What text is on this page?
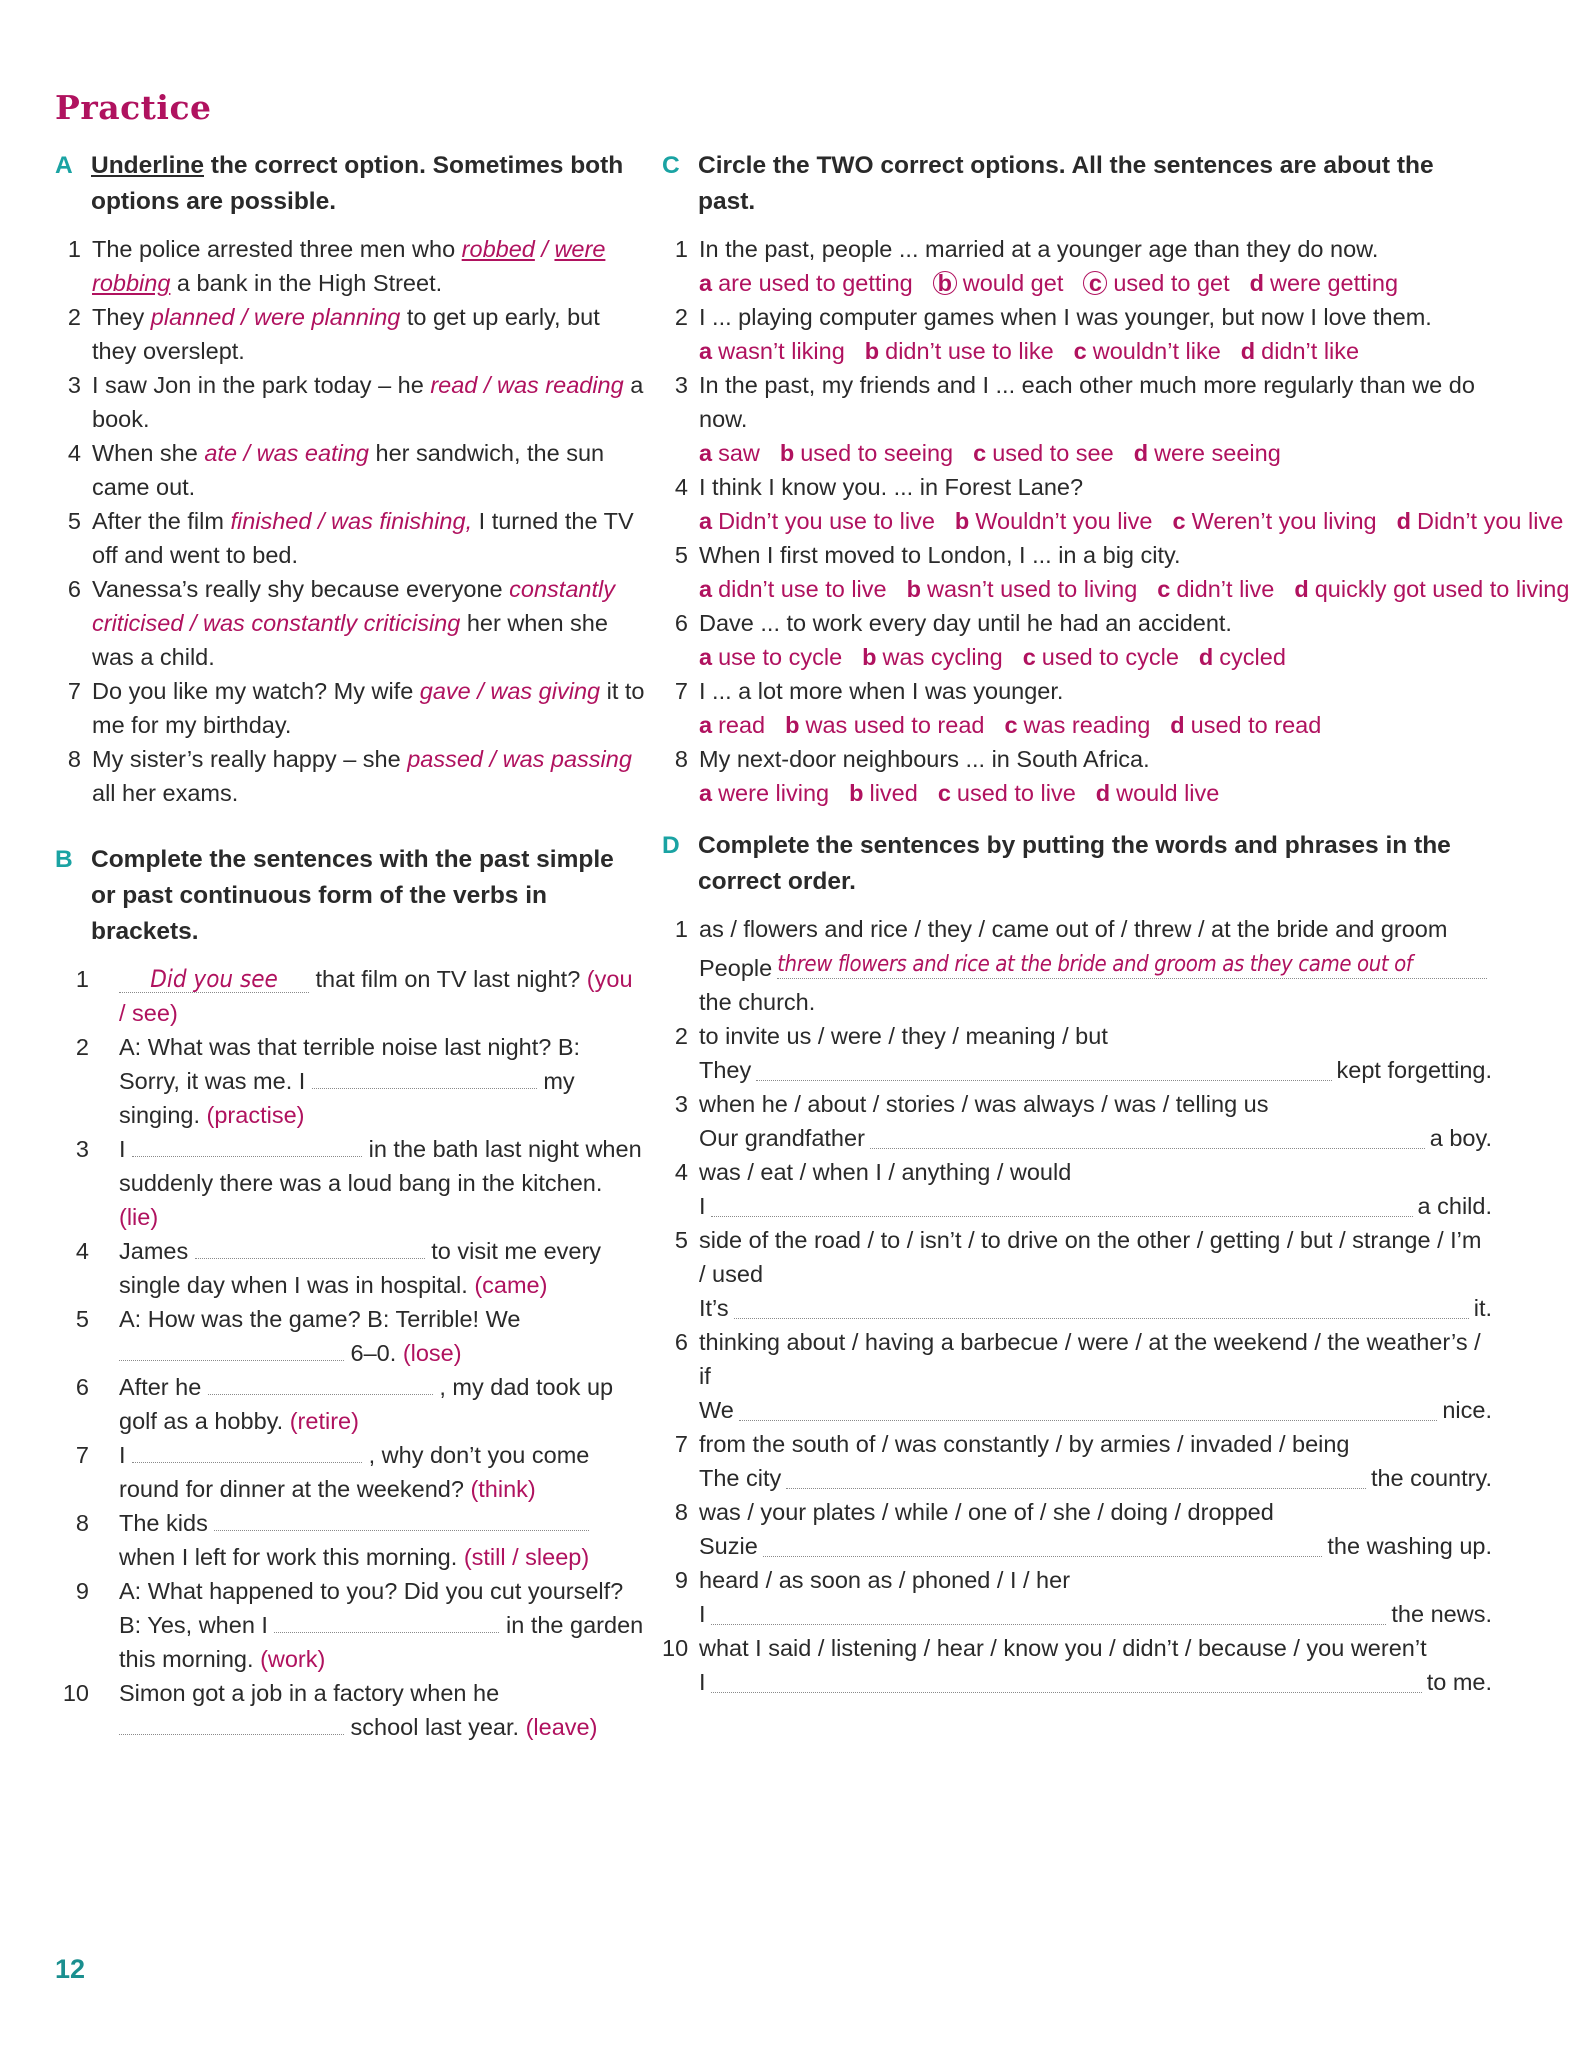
Practice
A Underline the correct option. Sometimes both options are possible.
1 The police arrested three men who robbed / were robbing a bank in the High Street.
2 They planned / were planning to get up early, but they overslept.
3 I saw Jon in the park today – he read / was reading a book.
4 When she ate / was eating her sandwich, the sun came out.
5 After the film finished / was finishing, I turned the TV off and went to bed.
6 Vanessa’s really shy because everyone constantly criticised / was constantly criticising her when she was a child.
7 Do you like my watch? My wife gave / was giving it to me for my birthday.
8 My sister’s really happy – she passed / was passing all her exams.
B Complete the sentences with the past simple or past continuous form of the verbs in brackets.
1	Did you see that film on TV last night? (you / see)
2 A: What was that terrible noise last night? B: Sorry, it was me. I	my singing. (practise)
3 I	in the bath last night when suddenly there was a loud bang in the kitchen. (lie)
4 James	to visit me every single day when I was in hospital. (came)
5 A: How was the game? B: Terrible! We  6–0. (lose)
6 After he	, my dad took up golf as a hobby. (retire)
7 I	, why don’t you come round for dinner at the weekend? (think)
8 The kids  when I left for work this morning. (still / sleep)
9 A: What happened to you? Did you cut yourself? B: Yes, when I	in the garden this morning. (work)
10 Simon got a job in a factory when he  school last year. (leave)
C Circle the TWO correct options. All the sentences are about the past.
1 In the past, people ... married at a younger age than they do now.
a are used to getting b would get c used to get d were getting
2 I ... playing computer games when I was younger, but now I love them.
a wasn’t liking b didn’t use to like c wouldn’t like d didn’t like
3 In the past, my friends and I ... each other much more regularly than we do now.
a saw b used to seeing c used to see d were seeing
4 I think I know you. ... in Forest Lane?
a Didn’t you use to live b Wouldn’t you live c Weren’t you living d Didn’t you live
5 When I first moved to London, I ... in a big city.
a didn’t use to live b wasn’t used to living c didn’t live d quickly got used to living
6 Dave ... to work every day until he had an accident.
a use to cycle b was cycling c used to cycle d cycled
7 I ... a lot more when I was younger.
a read b was used to read c was reading d used to read
8 My next-door neighbours ... in South Africa.
a were living b lived c used to live d would live
D Complete the sentences by putting the words and phrases in the correct order.
1 as / flowers and rice / they / came out of / threw / at the bride and groom
People threw flowers and rice at the bride and groom as they came out of
the church.
2 to invite us / were / they / meaning / but
They	kept forgetting.
3 when he / about / stories / was always / was / telling us
Our grandfather	a boy.
4 was / eat / when I / anything / would
I	a child.
5 side of the road / to / isn’t / to drive on the other / getting / but / strange / I’m / used
It’s	it.
6 thinking about / having a barbecue / were / at the weekend / the weather’s / if
We	nice.
7 from the south of / was constantly / by armies / invaded / being
The city	the country.
8 was / your plates / while / one of / she / doing / dropped
Suzie	the washing up.
9 heard / as soon as / phoned / I / her
I	the news.
10 what I said / listening / hear / know you / didn’t / because / you weren’t
I	to me.
12
